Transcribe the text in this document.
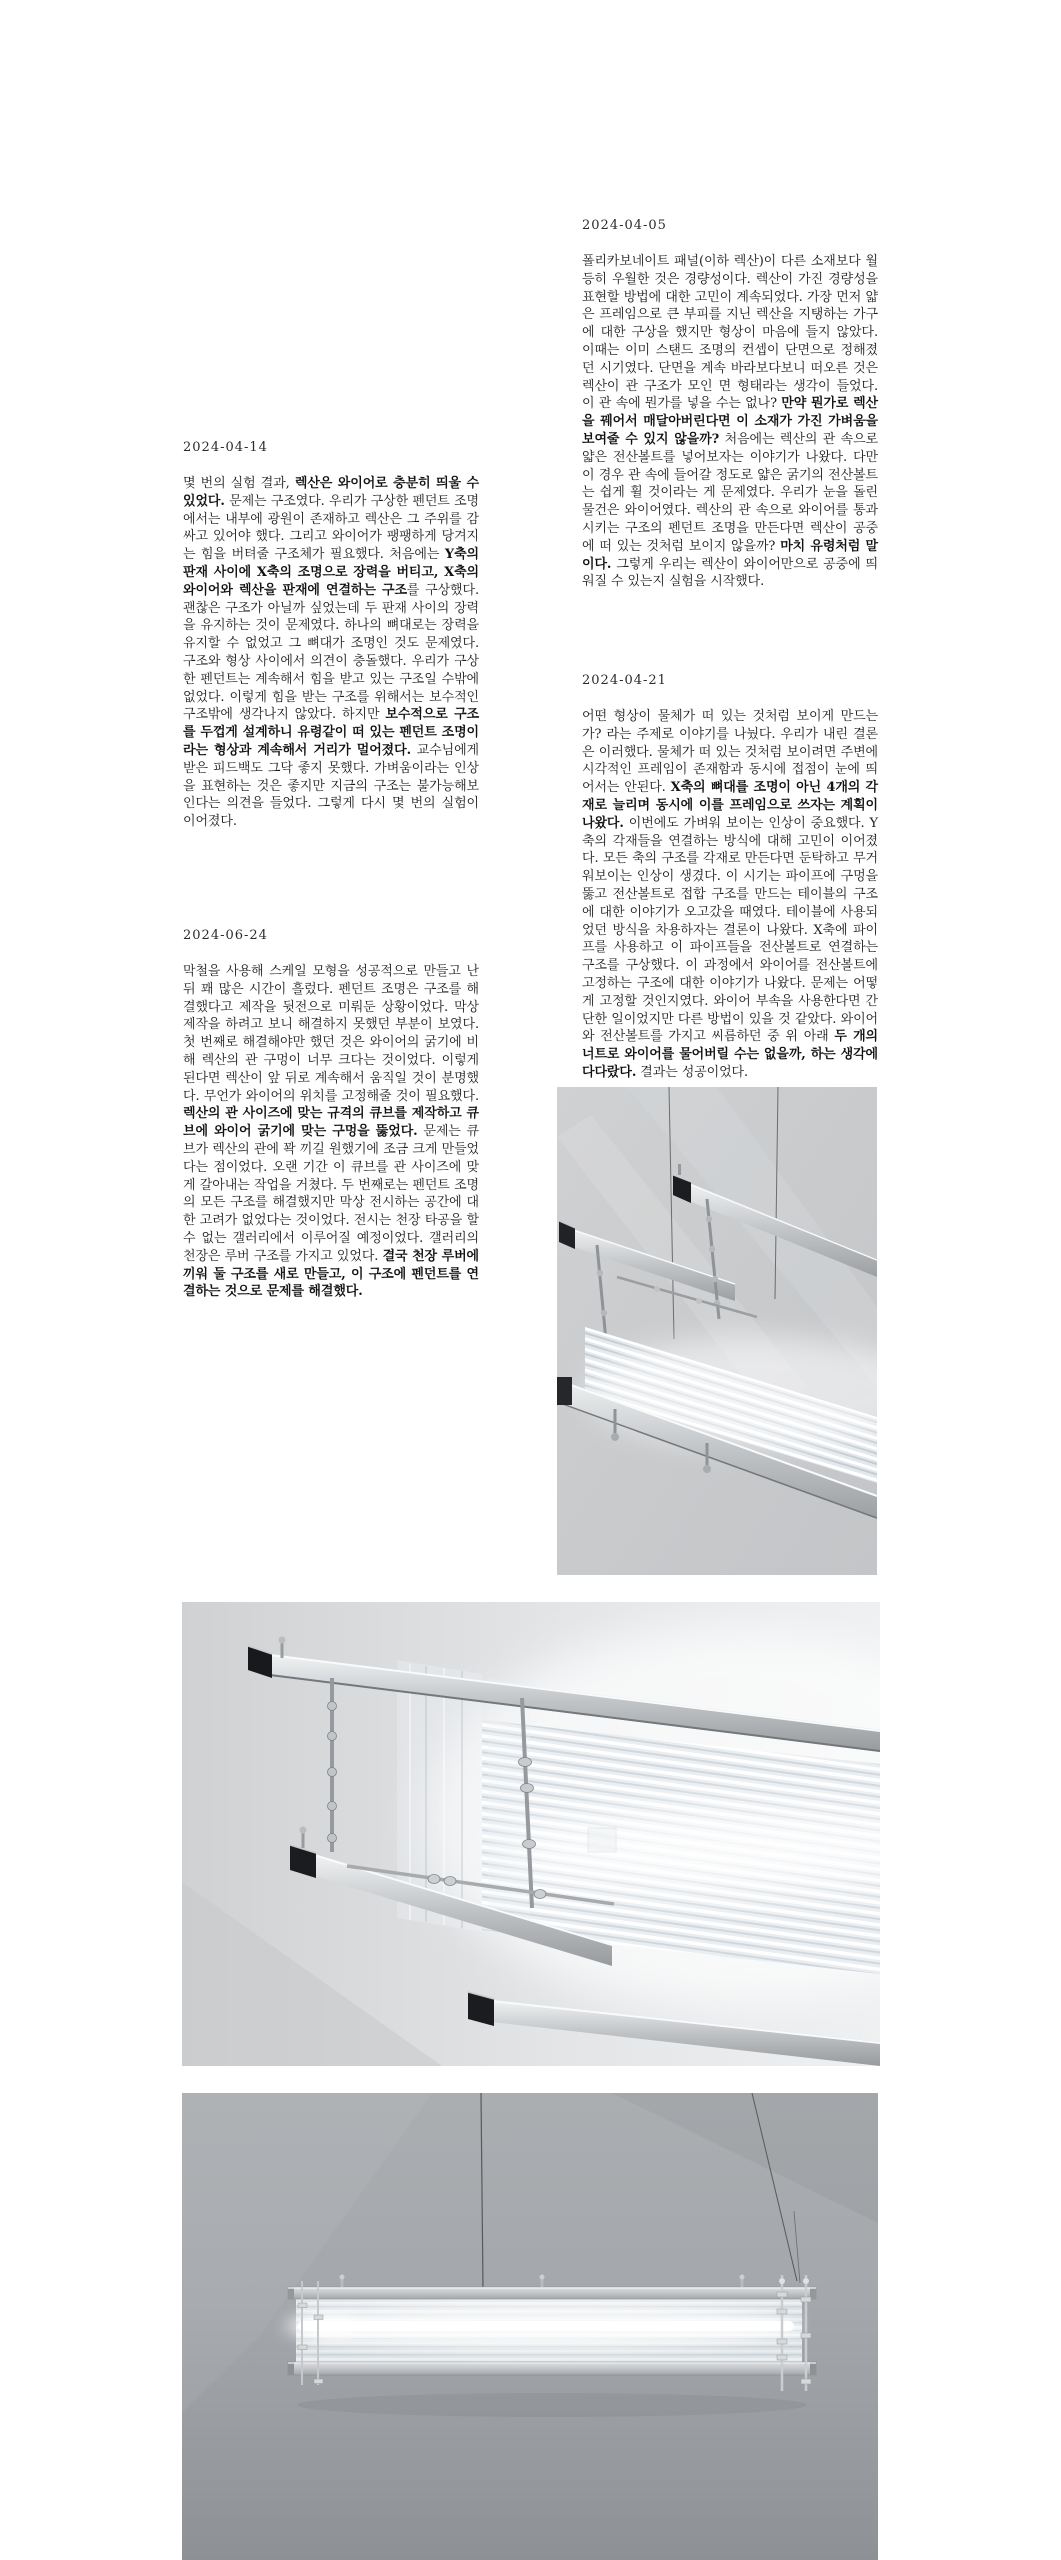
2024-04-05

폴리카보네이트 패널(이하 렉산)이 다른 소재보다 월등히 우월한 것은 경량성이다. 렉산이 가진 경량성을 표현할 방법에 대한 고민이 계속되었다. 가장 먼저 얇은 프레임으로 큰 부피를 지닌 렉산을 지탱하는 가구에 대한 구상을 했지만 형상이 마음에 들지 않았다. 이때는 이미 스탠드 조명의 컨셉이 단면으로 정해졌던 시기였다. 단면을 계속 바라보다보니 떠오른 것은 렉산이 관 구조가 모인 면 형태라는 생각이 들었다. 이 관 속에 뭔가를 넣을 수는 없나? 만약 뭔가로 렉산을 꿰어서 매달아버린다면 이 소재가 가진 가벼움을 보여줄 수 있지 않을까? 처음에는 렉산의 관 속으로 얇은 전산볼트를 넣어보자는 이야기가 나왔다. 다만 이 경우 관 속에 들어갈 정도로 얇은 굵기의 전산볼트는 쉽게 휠 것이라는 게 문제였다. 우리가 눈을 돌린 물건은 와이어였다. 렉산의 관 속으로 와이어를 통과시키는 구조의 펜던트 조명을 만든다면 렉산이 공중에 떠 있는 것처럼 보이지 않을까? 마치 유령처럼 말이다. 그렇게 우리는 렉산이 와이어만으로 공중에 띄워질 수 있는지 실험을 시작했다.

2024-04-14

몇 번의 실험 결과, 렉산은 와이어로 충분히 띄울 수 있었다. 문제는 구조였다. 우리가 구상한 펜던트 조명에서는 내부에 광원이 존재하고 렉산은 그 주위를 감싸고 있어야 했다. 그리고 와이어가 팽팽하게 당겨지는 힘을 버텨줄 구조체가 필요했다. 처음에는 Y축의 판재 사이에 X축의 조명으로 장력을 버티고, X축의 와이어와 렉산을 판재에 연결하는 구조를 구상했다. 괜찮은 구조가 아닐까 싶었는데 두 판재 사이의 장력을 유지하는 것이 문제였다. 하나의 뼈대로는 장력을 유지할 수 없었고 그 뼈대가 조명인 것도 문제였다. 구조와 형상 사이에서 의견이 충돌했다. 우리가 구상한 펜던트는 계속해서 힘을 받고 있는 구조일 수밖에 없었다. 이렇게 힘을 받는 구조를 위해서는 보수적인 구조밖에 생각나지 않았다. 하지만 보수적으로 구조를 두껍게 설계하니 유령같이 떠 있는 펜던트 조명이라는 형상과 계속해서 거리가 멀어졌다. 교수님에게 받은 피드백도 그닥 좋지 못했다. 가벼움이라는 인상을 표현하는 것은 좋지만 지금의 구조는 불가능해보인다는 의견을 들었다. 그렇게 다시 몇 번의 실험이 이어졌다.

2024-04-21

어떤 형상이 물체가 떠 있는 것처럼 보이게 만드는가? 라는 주제로 이야기를 나눴다. 우리가 내린 결론은 이러했다. 물체가 떠 있는 것처럼 보이려면 주변에 시각적인 프레임이 존재함과 동시에 접점이 눈에 띄어서는 안된다. X축의 뼈대를 조명이 아닌 4개의 각재로 늘리며 동시에 이를 프레임으로 쓰자는 계획이 나왔다. 이번에도 가벼워 보이는 인상이 중요했다. Y축의 각재들을 연결하는 방식에 대해 고민이 이어졌다. 모든 축의 구조를 각재로 만든다면 둔탁하고 무거워보이는 인상이 생겼다. 이 시기는 파이프에 구멍을 뚫고 전산볼트로 접합 구조를 만드는 테이블의 구조에 대한 이야기가 오고갔을 때였다. 테이블에 사용되었던 방식을 차용하자는 결론이 나왔다. X축에 파이프를 사용하고 이 파이프들을 전산볼트로 연결하는 구조를 구상했다. 이 과정에서 와이어를 전산볼트에 고정하는 구조에 대한 이야기가 나왔다. 문제는 어떻게 고정할 것인지였다. 와이어 부속을 사용한다면 간단한 일이었지만 다른 방법이 있을 것 같았다. 와이어와 전산볼트를 가지고 씨름하던 중 위 아래 두 개의 너트로 와이어를 물어버릴 수는 없을까, 하는 생각에 다다랐다. 결과는 성공이었다.

2024-06-24

막철을 사용해 스케일 모형을 성공적으로 만들고 난 뒤 꽤 많은 시간이 흘렀다. 펜던트 조명은 구조를 해결했다고 제작을 뒷전으로 미뤄둔 상황이었다. 막상 제작을 하려고 보니 해결하지 못했던 부분이 보였다. 첫 번째로 해결해야만 했던 것은 와이어의 굵기에 비해 렉산의 관 구멍이 너무 크다는 것이었다. 이렇게 된다면 렉산이 앞 뒤로 계속해서 움직일 것이 분명했다. 무언가 와이어의 위치를 고정해줄 것이 필요했다. 렉산의 관 사이즈에 맞는 규격의 큐브를 제작하고 큐브에 와이어 굵기에 맞는 구멍을 뚫었다. 문제는 큐브가 렉산의 관에 꽉 끼길 원했기에 조금 크게 만들었다는 점이었다. 오랜 기간 이 큐브를 관 사이즈에 맞게 갈아내는 작업을 거쳤다. 두 번째로는 펜던트 조명의 모든 구조를 해결했지만 막상 전시하는 공간에 대한 고려가 없었다는 것이었다. 전시는 천장 타공을 할 수 없는 갤러리에서 이루어질 예정이었다. 갤러리의 천장은 루버 구조를 가지고 있었다. 결국 천장 루버에 끼워 둘 구조를 새로 만들고, 이 구조에 펜던트를 연결하는 것으로 문제를 해결했다.
